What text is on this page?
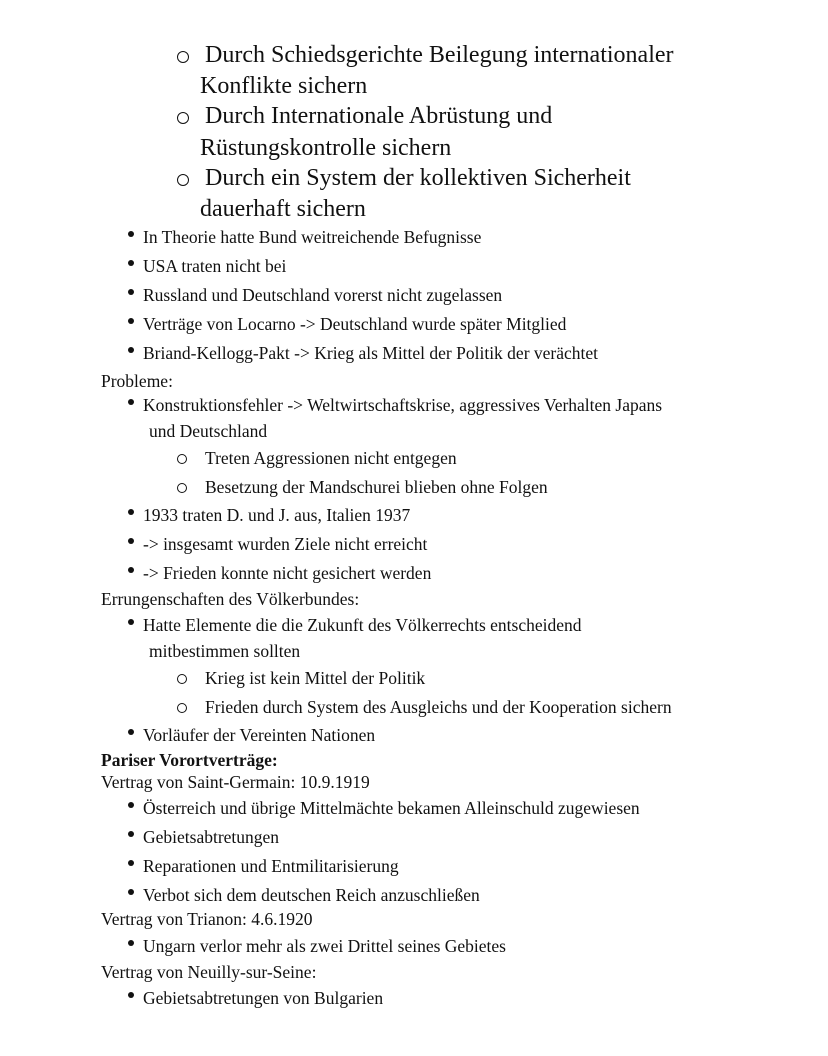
Durch Schiedsgerichte Beilegung internationaler
Konflikte sichern
Durch Internationale Abrüstung und
Rüstungskontrolle sichern
Durch ein System der kollektiven Sicherheit
dauerhaft sichern
In Theorie hatte Bund weitreichende Befugnisse
USA traten nicht bei
Russland und Deutschland vorerst nicht zugelassen
Verträge von Locarno -> Deutschland wurde später Mitglied
Briand-Kellogg-Pakt -> Krieg als Mittel der Politik der verächtet
Probleme:
Konstruktionsfehler -> Weltwirtschaftskrise, aggressives Verhalten Japans
und Deutschland
Treten Aggressionen nicht entgegen
Besetzung der Mandschurei blieben ohne Folgen
1933 traten D. und J. aus, Italien 1937
-> insgesamt wurden Ziele nicht erreicht
-> Frieden konnte nicht gesichert werden
Errungenschaften des Völkerbundes:
Hatte Elemente die die Zukunft des Völkerrechts entscheidend
mitbestimmen sollten
Krieg ist kein Mittel der Politik
Frieden durch System des Ausgleichs und der Kooperation sichern
Vorläufer der Vereinten Nationen
Pariser Vorortverträge:
Vertrag von Saint-Germain: 10.9.1919
Österreich und übrige Mittelmächte bekamen Alleinschuld zugewiesen
Gebietsabtretungen
Reparationen und Entmilitarisierung
Verbot sich dem deutschen Reich anzuschließen
Vertrag von Trianon: 4.6.1920
Ungarn verlor mehr als zwei Drittel seines Gebietes
Vertrag von Neuilly-sur-Seine:
Gebietsabtretungen von Bulgarien
